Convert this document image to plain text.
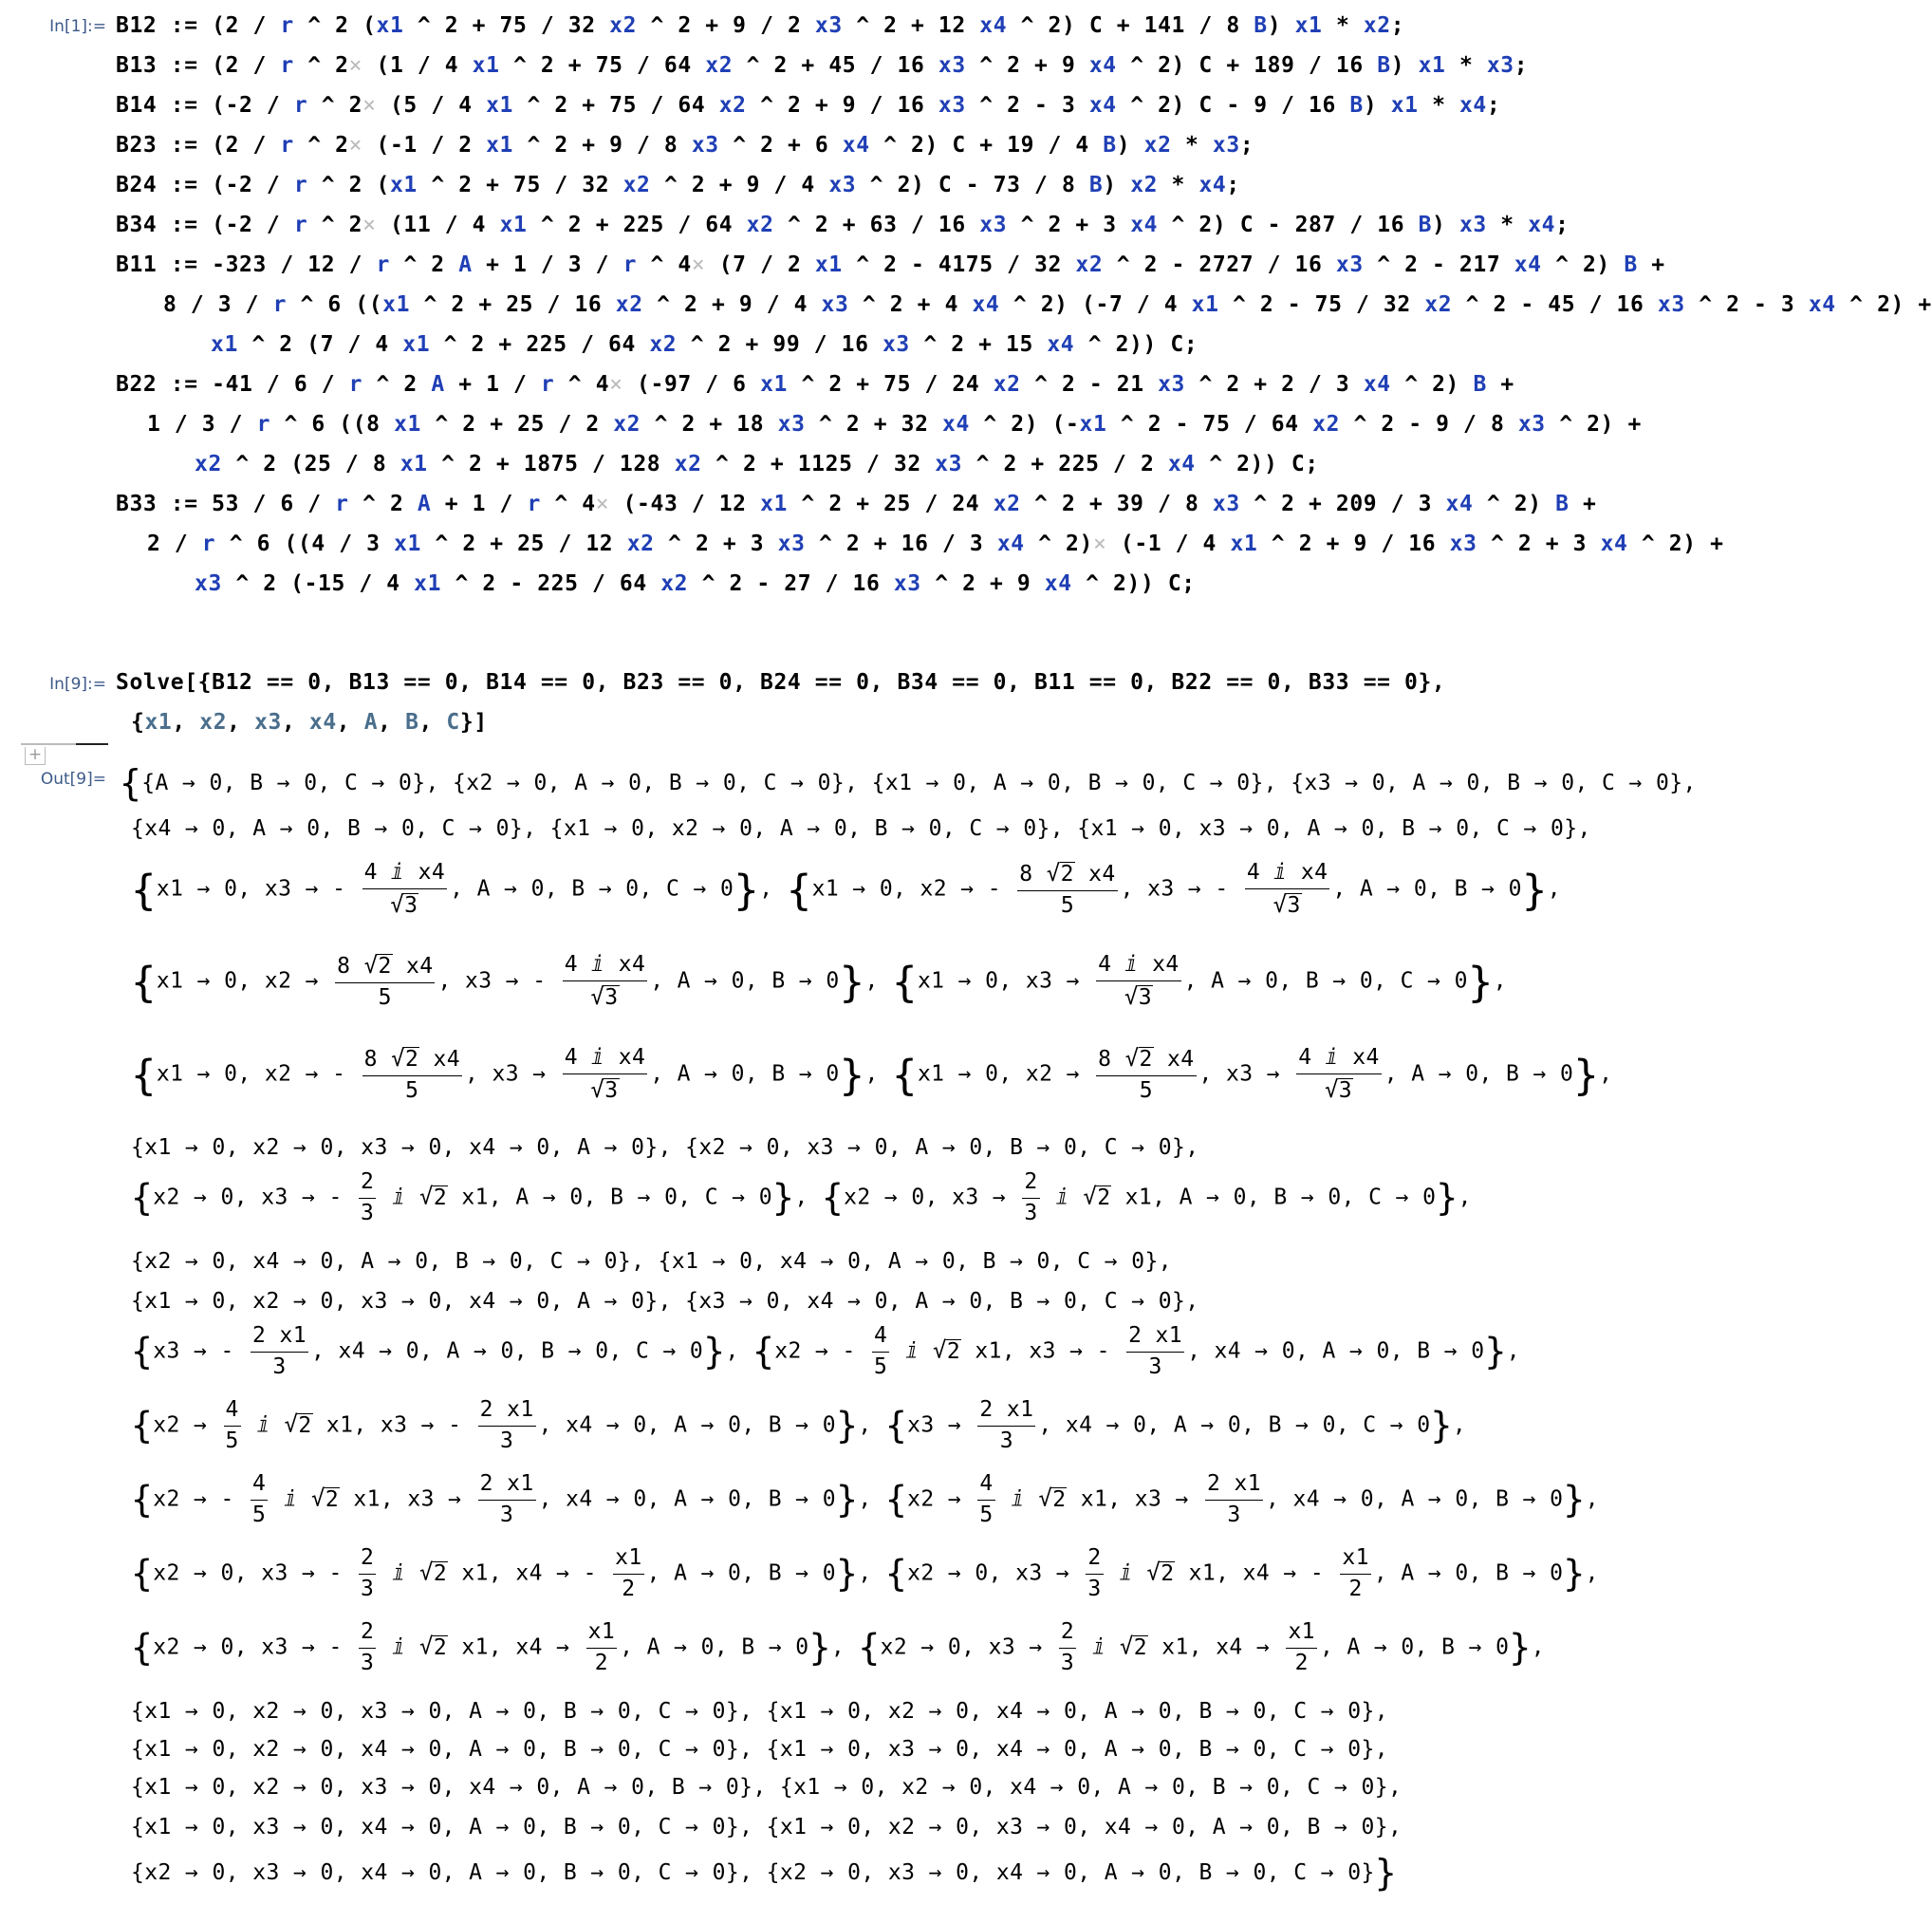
In[1]:=
In[9]:=
Out[9]=
+

B12 := (2 / r ^ 2 (x1 ^ 2 + 75 / 32 x2 ^ 2 + 9 / 2 x3 ^ 2 + 12 x4 ^ 2) C + 141 / 8 B) x1 * x2;

B13 := (2 / r ^ 2× (1 / 4 x1 ^ 2 + 75 / 64 x2 ^ 2 + 45 / 16 x3 ^ 2 + 9 x4 ^ 2) C + 189 / 16 B) x1 * x3;

B14 := (-2 / r ^ 2× (5 / 4 x1 ^ 2 + 75 / 64 x2 ^ 2 + 9 / 16 x3 ^ 2 - 3 x4 ^ 2) C - 9 / 16 B) x1 * x4;

B23 := (2 / r ^ 2× (-1 / 2 x1 ^ 2 + 9 / 8 x3 ^ 2 + 6 x4 ^ 2) C + 19 / 4 B) x2 * x3;

B24 := (-2 / r ^ 2 (x1 ^ 2 + 75 / 32 x2 ^ 2 + 9 / 4 x3 ^ 2) C - 73 / 8 B) x2 * x4;

B34 := (-2 / r ^ 2× (11 / 4 x1 ^ 2 + 225 / 64 x2 ^ 2 + 63 / 16 x3 ^ 2 + 3 x4 ^ 2) C - 287 / 16 B) x3 * x4;

B11 := -323 / 12 / r ^ 2 A + 1 / 3 / r ^ 4× (7 / 2 x1 ^ 2 - 4175 / 32 x2 ^ 2 - 2727 / 16 x3 ^ 2 - 217 x4 ^ 2) B +

8 / 3 / r ^ 6 ((x1 ^ 2 + 25 / 16 x2 ^ 2 + 9 / 4 x3 ^ 2 + 4 x4 ^ 2) (-7 / 4 x1 ^ 2 - 75 / 32 x2 ^ 2 - 45 / 16 x3 ^ 2 - 3 x4 ^ 2) +

x1 ^ 2 (7 / 4 x1 ^ 2 + 225 / 64 x2 ^ 2 + 99 / 16 x3 ^ 2 + 15 x4 ^ 2)) C;

B22 := -41 / 6 / r ^ 2 A + 1 / r ^ 4× (-97 / 6 x1 ^ 2 + 75 / 24 x2 ^ 2 - 21 x3 ^ 2 + 2 / 3 x4 ^ 2) B +

1 / 3 / r ^ 6 ((8 x1 ^ 2 + 25 / 2 x2 ^ 2 + 18 x3 ^ 2 + 32 x4 ^ 2) (-x1 ^ 2 - 75 / 64 x2 ^ 2 - 9 / 8 x3 ^ 2) +

x2 ^ 2 (25 / 8 x1 ^ 2 + 1875 / 128 x2 ^ 2 + 1125 / 32 x3 ^ 2 + 225 / 2 x4 ^ 2)) C;

B33 := 53 / 6 / r ^ 2 A + 1 / r ^ 4× (-43 / 12 x1 ^ 2 + 25 / 24 x2 ^ 2 + 39 / 8 x3 ^ 2 + 209 / 3 x4 ^ 2) B +

2 / r ^ 6 ((4 / 3 x1 ^ 2 + 25 / 12 x2 ^ 2 + 3 x3 ^ 2 + 16 / 3 x4 ^ 2)× (-1 / 4 x1 ^ 2 + 9 / 16 x3 ^ 2 + 3 x4 ^ 2) +

x3 ^ 2 (-15 / 4 x1 ^ 2 - 225 / 64 x2 ^ 2 - 27 / 16 x3 ^ 2 + 9 x4 ^ 2)) C;

Solve[{B12 == 0, B13 == 0, B14 == 0, B23 == 0, B24 == 0, B34 == 0, B11 == 0, B22 == 0, B33 == 0},

{x1, x2, x3, x4, A, B, C}]

{{A → 0, B → 0, C → 0}, {x2 → 0, A → 0, B → 0, C → 0}, {x1 → 0, A → 0, B → 0, C → 0}, {x3 → 0, A → 0, B → 0, C → 0},

{x4 → 0, A → 0, B → 0, C → 0}, {x1 → 0, x2 → 0, A → 0, B → 0, C → 0}, {x1 → 0, x3 → 0, A → 0, B → 0, C → 0},

{x1 → 0, x3 → - $\frac{\text{4 ⅈ x4}}{√3}$ , A → 0, B → 0, C → 0}, {x1 → 0, x2 → - $\frac{8 √2 x4}{5}$ , x3 → - $\frac{\text{4 ⅈ x4}}{√3}$ , A → 0, B → 0},

{x1 → 0, $x2 \to \frac{8 √2 x4}{5}$ , x3 → - $\frac{\text{4 ⅈ x4}}{√3}$ , A → 0, B → 0}, {x1 → 0, $x3 \to \frac{\text{4 ⅈ x4}}{√3}$ , A → 0, B → 0, C → 0},

{x1 → 0, x2 → - $\frac{8 √2 x4}{5}$ , $x3 \to \frac{\text{4 ⅈ x4}}{√3}$ , A → 0, B → 0}, {x1 → 0, $x2 \to \frac{8 √2 x4}{5}$ , $x3 \to \frac{\text{4 ⅈ x4}}{√3}$ , A → 0, B → 0},

{x1 → 0, x2 → 0, x3 → 0, x4 → 0, A → 0}, {x2 → 0, x3 → 0, A → 0, B → 0, C → 0},

{x2 → 0, x3 → - $\frac{2}{3}$ ⅈ √2 x1, A → 0, B → 0, C → 0}, {x2 → 0, $x3 \to \frac{2}{3}$ ⅈ √2 x1, A → 0, B → 0, C → 0},

{x2 → 0, x4 → 0, A → 0, B → 0, C → 0}, {x1 → 0, x4 → 0, A → 0, B → 0, C → 0},

{x1 → 0, x2 → 0, x3 → 0, x4 → 0, A → 0}, {x3 → 0, x4 → 0, A → 0, B → 0, C → 0},

{x3 → - $\frac{2 x1}{3}$ , x4 → 0, A → 0, B → 0, C → 0}, {x2 → - $\frac{4}{5}$ ⅈ √2 x1, x3 → - $\frac{2 x1}{3}$ , x4 → 0, A → 0, B → 0},

{$x2 \to \frac{4}{5}$ ⅈ √2 x1, x3 → - $\frac{2 x1}{3}$ , x4 → 0, A → 0, B → 0}, {$x3 \to \frac{2 x1}{3}$ , x4 → 0, A → 0, B → 0, C → 0},

{x2 → - $\frac{4}{5}$ ⅈ √2 x1, $x3 \to \frac{2 x1}{3}$ , x4 → 0, A → 0, B → 0}, {$x2 \to \frac{4}{5}$ ⅈ √2 x1, $x3 \to \frac{2 x1}{3}$ , x4 → 0, A → 0, B → 0},

{x2 → 0, x3 → - $\frac{2}{3}$ ⅈ √2 x1, x4 → - $\frac{x1}{2}$ , A → 0, B → 0}, {x2 → 0, $x3 \to \frac{2}{3}$ ⅈ √2 x1, x4 → - $\frac{x1}{2}$ , A → 0, B → 0},

{x2 → 0, x3 → - $\frac{2}{3}$ ⅈ √2 x1, $x4 \to \frac{x1}{2}$ , A → 0, B → 0}, {x2 → 0, $x3 \to \frac{2}{3}$ ⅈ √2 x1, $x4 \to \frac{x1}{2}$ , A → 0, B → 0},

{x1 → 0, x2 → 0, x3 → 0, A → 0, B → 0, C → 0}, {x1 → 0, x2 → 0, x4 → 0, A → 0, B → 0, C → 0},

{x1 → 0, x2 → 0, x4 → 0, A → 0, B → 0, C → 0}, {x1 → 0, x3 → 0, x4 → 0, A → 0, B → 0, C → 0},

{x1 → 0, x2 → 0, x3 → 0, x4 → 0, A → 0, B → 0}, {x1 → 0, x2 → 0, x4 → 0, A → 0, B → 0, C → 0},

{x1 → 0, x3 → 0, x4 → 0, A → 0, B → 0, C → 0}, {x1 → 0, x2 → 0, x3 → 0, x4 → 0, A → 0, B → 0},

{x2 → 0, x3 → 0, x4 → 0, A → 0, B → 0, C → 0}, {x2 → 0, x3 → 0, x4 → 0, A → 0, B → 0, C → 0}}
